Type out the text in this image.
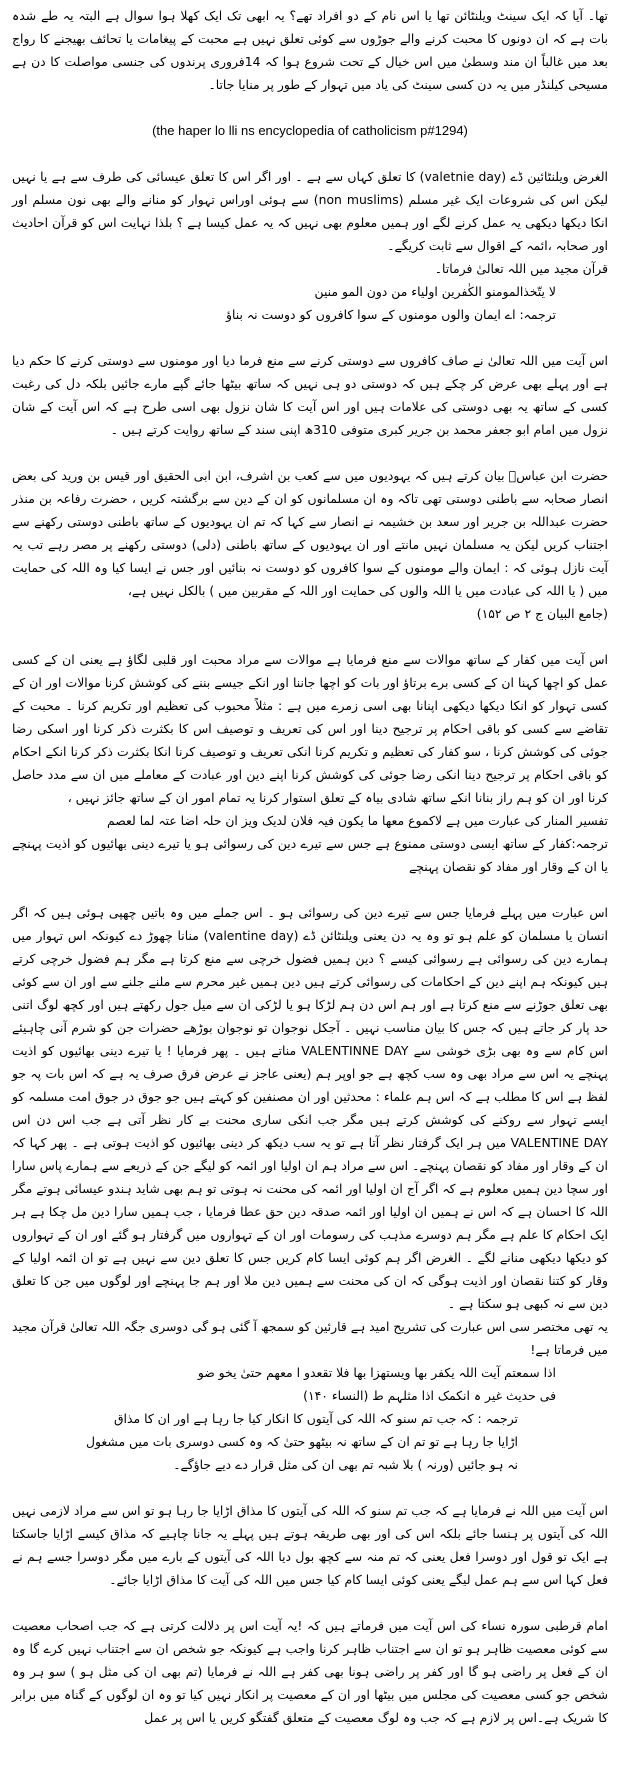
تھا۔ آیا کہ ایک سینٹ ویلنٹائن تھا یا اس نام کے دو افراد تھے؟ یہ ابھی تک ایک کھلا ہوا سوال ہے البتہ یہ طے شدہ بات ہے کہ ان دونوں کا محبت کرنے والے جوڑوں سے کوئی تعلق نہیں ہے محبت کے پیغامات یا تحائف بھیجنے کا رواج بعد میں غالباً ان مند وسطیٰ میں اس خیال کے تحت شروع ہوا کہ 14فروری پرندوں کی جنسی مواصلت کا دن ہے مسیحی کیلنڈر میں یہ دن کسی سینٹ کی یاد میں تہوار کے طور پر منایا جاتا۔

(the haper lo lli ns encyclopedia of catholicism p#1294)

الغرض ویلنٹائین ڈے (valetnie day) کا تعلق کہاں سے ہے ۔ اور اگر اس کا تعلق عیسائی کی طرف سے ہے یا نہیں لیکن اس کی شروعات ایک غیر مسلم (non muslims) سے ہوئی اوراس تہوار کو منانے والے بھی نون مسلم اور انکا دیکھا دیکھی یہ عمل کرنے لگے اور ہمیں معلوم بھی نہیں کہ یہ عمل کیسا ہے ؟ بلذا نہایت اس کو قرآن احادیث اور صحابہ ،ائمہ کے اقوال سے ثابت کریگے۔

قرآن مجید میں اللہ تعالیٰ فرماتا۔

لا یتّخذالمومنو الکٰفرین اولیاء من دون المو منین

ترجمہ: اے ایمان والوں مومنوں کے سوا کافروں کو دوست نہ بناؤ

اس آیت میں اللہ تعالیٰ نے صاف کافروں سے دوستی کرنے سے منع فرما دیا اور مومنوں سے دوستی کرنے کا حکم دیا ہے اور پہلے بھی عرض کر چکے ہیں کہ دوستی دو ہی نہیں کہ ساتھ بیٹھا جائے گپے مارے جائیں بلکہ دل کی رغبت کسی کے ساتھ یہ بھی دوستی کی علامات ہیں اور اس آیت کا شان نزول بھی اسی طرح ہے کہ اس آیت کے شان نزول میں امام ابو جعفر محمد بن جریر کبری متوفی 310ھ اپنی سند کے ساتھ روایت کرتے ہیں ۔

حضرت ابن عباسؓ بیان کرتے ہیں کہ یہودیوں میں سے کعب بن اشرف، ابن ابی الحقیق اور قیس بن ورید کی بعض انصار صحابہ سے باطنی دوستی تھی تاکہ وہ ان مسلمانوں کو ان کے دین سے برگشتہ کریں ، حضرت رفاعہ بن منذر حضرت عبداللہ بن جریر اور سعد بن خشیمہ نے انصار سے کہا کہ تم ان یہودیوں کے ساتھ باطنی دوستی رکھنے سے اجتناب کریں لیکن یہ مسلمان نہیں مانتے اور ان یہودیوں کے ساتھ باطنی (دلی) دوستی رکھنے پر مصر رہے تب یہ آیت نازل ہوئی کہ : ایمان والے مومنوں کے سوا کافروں کو دوست نہ بنائیں اور جس نے ایسا کیا وہ اللہ کی حمایت میں ( یا اللہ کی عبادت میں یا اللہ والوں کی حمایت اور اللہ کے مقربین میں ) بالکل نہیں ہے،

(جامع البیان ج ۲ ص ۱۵۲)

اس آیت میں کفار کے ساتھ موالات سے منع فرمایا ہے موالات سے مراد محبت اور قلبی لگاؤ ہے یعنی ان کے کسی عمل کو اچھا کہنا ان کے کسی برے برتاؤ اور بات کو اچھا جاننا اور انکے جیسے بننے کی کوشش کرنا موالات اور ان کے کسی تہوار کو انکا دیکھا دیکھی اپنانا بھی اسی زمرے میں ہے : مثلاً محبوب کی تعظیم اور تکریم کرنا ۔ محبت کے تقاضے سے کسی کو باقی احکام پر ترجیح دینا اور اس کی تعریف و توصیف اس کا بکثرت ذکر کرنا اور اسکی رضا جوئی کی کوشش کرنا ، سو کفار کی تعظیم و تکریم کرنا انکی تعریف و توصیف کرنا انکا بکثرت ذکر کرنا انکے احکام کو باقی احکام پر ترجیح دینا انکی رضا جوئی کی کوشش کرنا اپنے دین اور عبادت کے معاملے میں ان سے مدد حاصل کرنا اور ان کو ہم راز بنانا انکے ساتھ شادی بیاہ کے تعلق استوار کرنا یہ تمام امور ان کے ساتھ جائز نہیں ،

تفسیر المنار کی عبارت میں ہے لاکموع معھا ما یکون فیہ فلان لدیک ویز ان حلہ اضا عتہ لما لعصم

ترجمہ:کفار کے ساتھ ایسی دوستی ممنوع ہے جس سے تیرے دین کی رسوائی ہو یا تیرے دینی بھائیوں کو اذیت پہنچے یا ان کے وقار اور مفاد کو نقصان پہنچے

اس عبارت میں پہلے فرمایا جس سے تیرے دین کی رسوائی ہو ۔ اس جملے میں وہ باتیں چھپی ہوئی ہیں کہ اگر انسان یا مسلمان کو علم ہو تو وہ یہ دن یعنی ویلنٹائن ڈے (valentine day) منانا چھوڑ دے کیونکہ اس تہوار میں ہمارے دین کی رسوائی ہے رسوائی کیسے ؟ دین ہمیں فضول خرچی سے منع کرتا ہے مگر ہم فضول خرچی کرتے ہیں کیونکہ ہم اپنے دین کے احکامات کی رسوائی کرتے ہیں دین ہمیں غیر محرم سے ملنے جلنے سے اور ان سے کوئی بھی تعلق جوڑنے سے منع کرتا ہے اور ہم اس دن ہم لڑکا ہو یا لڑکی ان سے میل جول رکھتے ہیں اور کچھ لوگ اتنی حد پار کر جاتے ہیں کہ جس کا بیان مناسب نہیں ۔ آجکل نوجوان تو نوجوان بوڑھے حضرات جن کو شرم آنی چاہیئے اس کام سے وہ بھی بڑی خوشی سے VALENTINNE DAY مناتے ہیں ۔ پھر فرمایا ! یا تیرے دینی بھائیوں کو اذیت پہنچے یہ اس سے مراد بھی وہ سب کچھ ہے جو اوپر ہم (یعنی عاجز نے عرض فرق صرف یہ ہے کہ اس بات پہ جو لفظ ہے اس کا مطلب ہے کہ اس ہم علماء : محدثین اور ان مصنفین کو کہتے ہیں جو جوق در جوق امت مسلمہ کو ایسے تہوار سے روکنے کی کوشش کرتے ہیں مگر جب انکی ساری محنت بے کار نظر آتی ہے جب اس دن اس VALENTINE DAY میں ہر ایک گرفتار نظر آتا ہے تو یہ سب دیکھ کر دینی بھائیوں کو اذیت ہوتی ہے ۔ پھر کہا کہ ان کے وقار اور مفاد کو نقصان پہنچے۔ اس سے مراد ہم ان اولیا اور ائمہ کو لیگے جن کے ذریعے سے ہمارے پاس سارا اور سچا دین ہمیں معلوم ہے کہ اگر آج ان اولیا اور ائمہ کی محنت نہ ہوتی تو ہم بھی شاید ہندو عیسائی ہوتے مگر اللہ کا احسان ہے کہ اس نے ہمیں ان اولیا اور ائمہ صدقہ دین حق عطا فرمایا ، جب ہمیں سارا دین مل چکا ہے ہر ایک احکام کا علم ہے مگر ہم دوسرے مذہب کی رسومات اور ان کے تہواروں میں گرفتار ہو گئے اور ان کے تہواروں کو دیکھا دیکھی منانے لگے ۔ الغرض اگر ہم کوئی ایسا کام کریں جس کا تعلق دین سے نہیں ہے تو ان ائمہ اولیا کے وقار کو کتنا نقصان اور اذیت ہوگی کہ ان کی محنت سے ہمیں دین ملا اور ہم جا پہنچے اور لوگوں میں جن کا تعلق دین سے نہ کبھی ہو سکتا ہے ۔

یہ تھی مختصر سی اس عبارت کی تشریح امید ہے قارئین کو سمجھ آ گئی ہو گی دوسری جگہ اللہ تعالیٰ قرآن مجید میں فرماتا ہے!

اذا سمعتم آیت اللہ یکفر بھا ویستھزا بھا فلا تقعدو ا معھم حتیٰ یخو ضو

فی حدیث غیر ہ انکمک اذا مثلہم ط (النساء ۱۴۰)

ترجمہ : کہ جب تم سنو کہ اللہ کی آیتوں کا انکار کیا جا رہا ہے اور ان کا مذاق

اڑایا جا رہا ہے تو تم ان کے ساتھ نہ بیٹھو حتیٰ کہ وہ کسی دوسری بات میں مشغول

نہ ہو جائیں (ورنہ ) بلا شبہ تم بھی ان کی مثل قرار دے دیے جاؤگے۔

اس آیت میں اللہ نے فرمایا ہے کہ جب تم سنو کہ اللہ کی آیتوں کا مذاق اڑایا جا رہا ہو تو اس سے مراد لازمی نہیں اللہ کی آیتوں پر ہنسا جائے بلکہ اس کی اور بھی طریقہ ہوتے ہیں پہلے یہ جانا چاہیے کہ مذاق کیسے اڑایا جاسکتا ہے ایک تو قول اور دوسرا فعل یعنی کہ تم منہ سے کچھ بول دیا اللہ کی آیتوں کے بارے میں مگر دوسرا جسے ہم نے فعل کہا اس سے ہم عمل لیگے یعنی کوئی ایسا کام کیا جس میں اللہ کی آیت کا مذاق اڑایا جائے۔

امام قرطبی سورہ نساء کی اس آیت میں فرماتے ہیں کہ !یہ آیت اس پر دلالت کرتی ہے کہ جب اصحاب معصیت سے کوئی معصیت ظاہر ہو تو ان سے اجتناب ظاہر کرنا واجب ہے کیونکہ جو شخص ان سے اجتناب نہیں کرے گا وہ ان کے فعل پر راضی ہو گا اور کفر پر راضی ہونا بھی کفر ہے اللہ نے فرمایا (تم بھی ان کی مثل ہو ) سو ہر وہ شخص جو کسی معصیت کی مجلس میں بیٹھا اور ان کے معصیت پر انکار نہیں کیا تو وہ ان لوگوں کے گناہ میں برابر کا شریک ہے۔اس پر لازم ہے کہ جب وہ لوگ معصیت کے متعلق گفتگو کریں یا اس پر عمل
